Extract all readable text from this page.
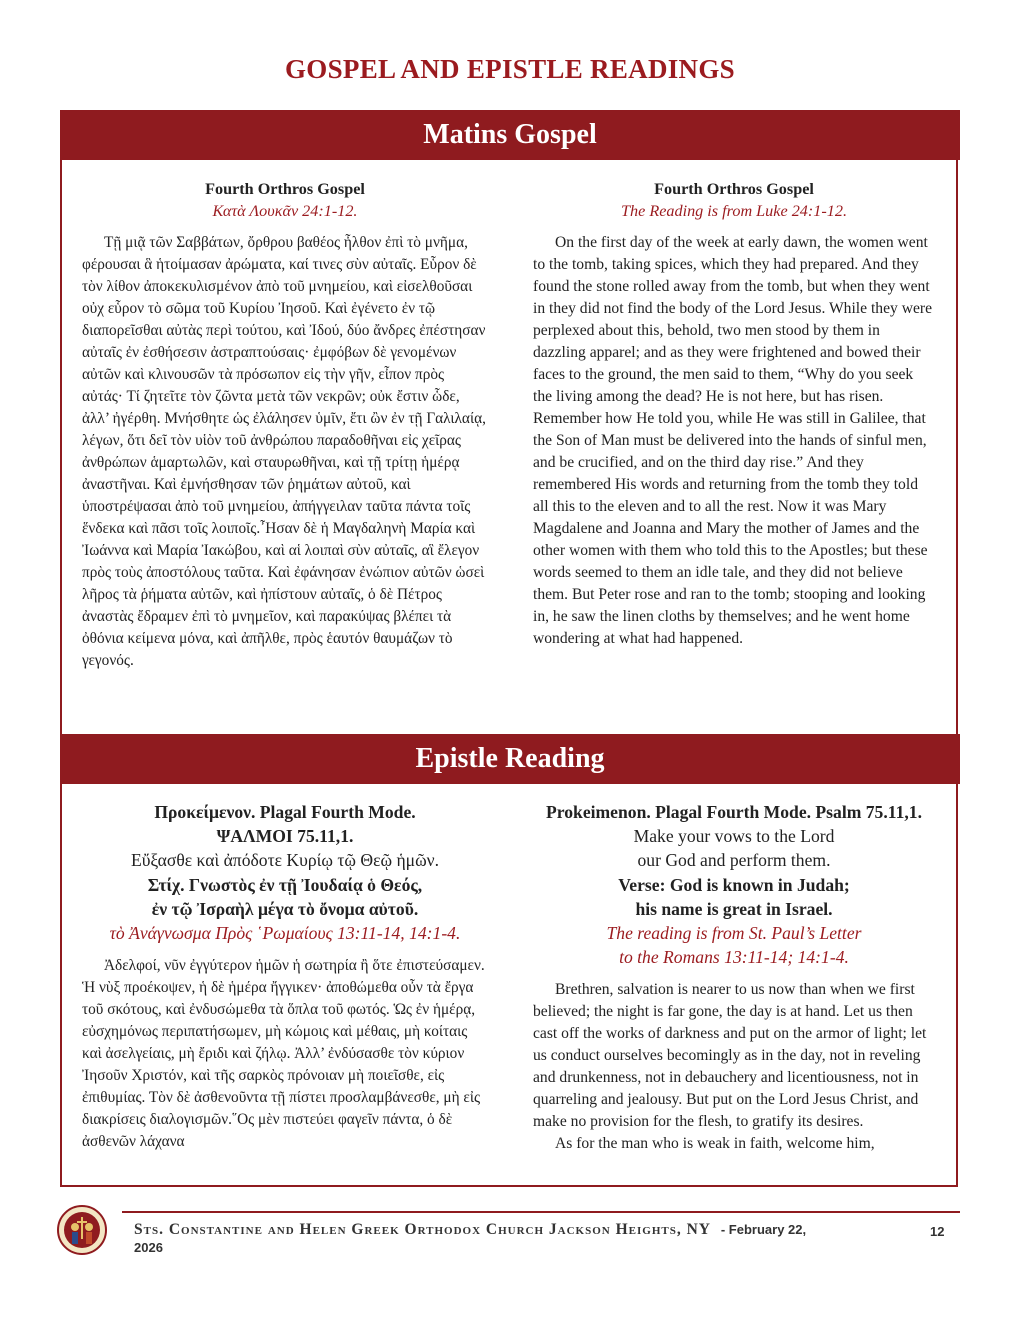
GOSPEL AND EPISTLE READINGS
Matins Gospel
Fourth Orthros Gospel
Κατὰ Λουκᾶν 24:1-12.
Τῇ μιᾷ τῶν Σαββάτων, ὄρθρου βαθέος ἦλθον ἐπὶ τὸ μνῆμα, φέρουσαι ἃ ἡτοίμασαν ἀρώματα, καί τινες σὺν αὐταῖς. Εὗρον δὲ τὸν λίθον ἀποκεκυλισμένον ἀπὸ τοῦ μνημείου, καὶ εἰσελθοῦσαι οὐχ εὗρον τὸ σῶμα τοῦ Κυρίου Ἰησοῦ. Καὶ ἐγένετο ἐν τῷ διαπορεῖσθαι αὐτὰς περὶ τούτου, καὶ Ἰδού, δύο ἄνδρες ἐπέστησαν αὐταῖς ἐν ἐσθήσεσιν ἀστραπτούσαις· ἐμφόβων δὲ γενομένων αὐτῶν καὶ κλινουσῶν τὰ πρόσωπον εἰς τὴν γῆν, εἶπον πρὸς αὐτάς· Τί ζητεῖτε τὸν ζῶντα μετὰ τῶν νεκρῶν; οὐκ ἔστιν ὧδε, ἀλλ’ ἠγέρθη. Μνήσθητε ὡς ἐλάλησεν ὑμῖν, ἔτι ὢν ἐν τῇ Γαλιλαίᾳ, λέγων, ὅτι δεῖ τὸν υἱὸν τοῦ ἀνθρώπου παραδοθῆναι εἰς χεῖρας ἀνθρώπων ἁμαρτωλῶν, καὶ σταυρωθῆναι, καὶ τῇ τρίτῃ ἡμέρᾳ ἀναστῆναι. Καὶ ἐμνήσθησαν τῶν ῥημάτων αὐτοῦ, καὶ ὑποστρέψασαι ἀπὸ τοῦ μνημείου, ἀπήγγειλαν ταῦτα πάντα τοῖς ἕνδεκα καὶ πᾶσι τοῖς λοιποῖς.῏Ησαν δὲ ἡ Μαγδαληνὴ Μαρία καὶ Ἰωάννα καὶ Μαρία Ἰακώβου, καὶ αἱ λοιπαὶ σὺν αὐταῖς, αἳ ἔλεγον πρὸς τοὺς ἀποστόλους ταῦτα. Καὶ ἐφάνησαν ἐνώπιον αὐτῶν ὡσεὶ λῆρος τὰ ῥήματα αὐτῶν, καὶ ἠπίστουν αὐταῖς, ὁ δὲ Πέτρος ἀναστὰς ἔδραμεν ἐπὶ τὸ μνημεῖον, καὶ παρακύψας βλέπει τὰ ὀθόνια κείμενα μόνα, καὶ ἀπῆλθε, πρὸς ἑαυτόν θαυμάζων τὸ γεγονός.
Fourth Orthros Gospel
The Reading is from Luke 24:1-12.
On the first day of the week at early dawn, the women went to the tomb, taking spices, which they had prepared. And they found the stone rolled away from the tomb, but when they went in they did not find the body of the Lord Jesus. While they were perplexed about this, behold, two men stood by them in dazzling apparel; and as they were frightened and bowed their faces to the ground, the men said to them, “Why do you seek the living among the dead? He is not here, but has risen. Remember how He told you, while He was still in Galilee, that the Son of Man must be delivered into the hands of sinful men, and be crucified, and on the third day rise.” And they remembered His words and returning from the tomb they told all this to the eleven and to all the rest. Now it was Mary Magdalene and Joanna and Mary the mother of James and the other women with them who told this to the Apostles; but these words seemed to them an idle tale, and they did not believe them. But Peter rose and ran to the tomb; stooping and looking in, he saw the linen cloths by themselves; and he went home wondering at what had happened.
Epistle Reading
Προκείμενον. Plagal Fourth Mode.
ΨΑΛΜΟΙ 75.11,1.
Εὔξασθε καὶ ἀπόδοτε Κυρίῳ τῷ Θεῷ ἡμῶν.
Στίχ. Γνωστὸς ἐν τῇ Ἰουδαίᾳ ὁ Θεός,
ἐν τῷ Ἰσραὴλ μέγα τὸ ὄνομα αὐτοῦ.
τὸ Ἀνάγνωσμα Πρὸς ῾Ρωμαίους 13:11-14, 14:1-4.
Ἀδελφοί, νῦν ἐγγύτερον ἡμῶν ἡ σωτηρία ἢ ὅτε ἐπιστεύσαμεν. Ἡ νὺξ προέκοψεν, ἡ δὲ ἡμέρα ἤγγικεν· ἀποθώμεθα οὖν τὰ ἔργα τοῦ σκότους, καὶ ἐνδυσώμεθα τὰ ὅπλα τοῦ φωτός. Ὡς ἐν ἡμέρᾳ, εὐσχημόνως περιπατήσωμεν, μὴ κώμοις καὶ μέθαις, μὴ κοίταις καὶ ἀσελγείαις, μὴ ἔριδι καὶ ζήλῳ. Ἀλλ’ ἐνδύσασθε τὸν κύριον Ἰησοῦν Χριστόν, καὶ τῆς σαρκὸς πρόνοιαν μὴ ποιεῖσθε, εἰς ἐπιθυμίας. Τὸν δὲ ἀσθενοῦντα τῇ πίστει προσλαμβάνεσθε, μὴ εἰς διακρίσεις διαλογισμῶν.῞Ος μὲν πιστεύει φαγεῖν πάντα, ὁ δὲ ἀσθενῶν λάχανα
Prokeimenon. Plagal Fourth Mode. Psalm 75.11,1.
Make your vows to the Lord
our God and perform them.
Verse: God is known in Judah;
his name is great in Israel.
The reading is from St. Paul’s Letter
to the Romans 13:11-14; 14:1-4.
Brethren, salvation is nearer to us now than when we first believed; the night is far gone, the day is at hand. Let us then cast off the works of darkness and put on the armor of light; let us conduct ourselves becomingly as in the day, not in reveling and drunkenness, not in debauchery and licentiousness, not in quarreling and jealousy. But put on the Lord Jesus Christ, and make no provision for the flesh, to gratify its desires.
As for the man who is weak in faith, welcome him,
Sts. Constantine and Helen Greek Orthodox Church Jackson Heights, NY - February 22, 2026
12
